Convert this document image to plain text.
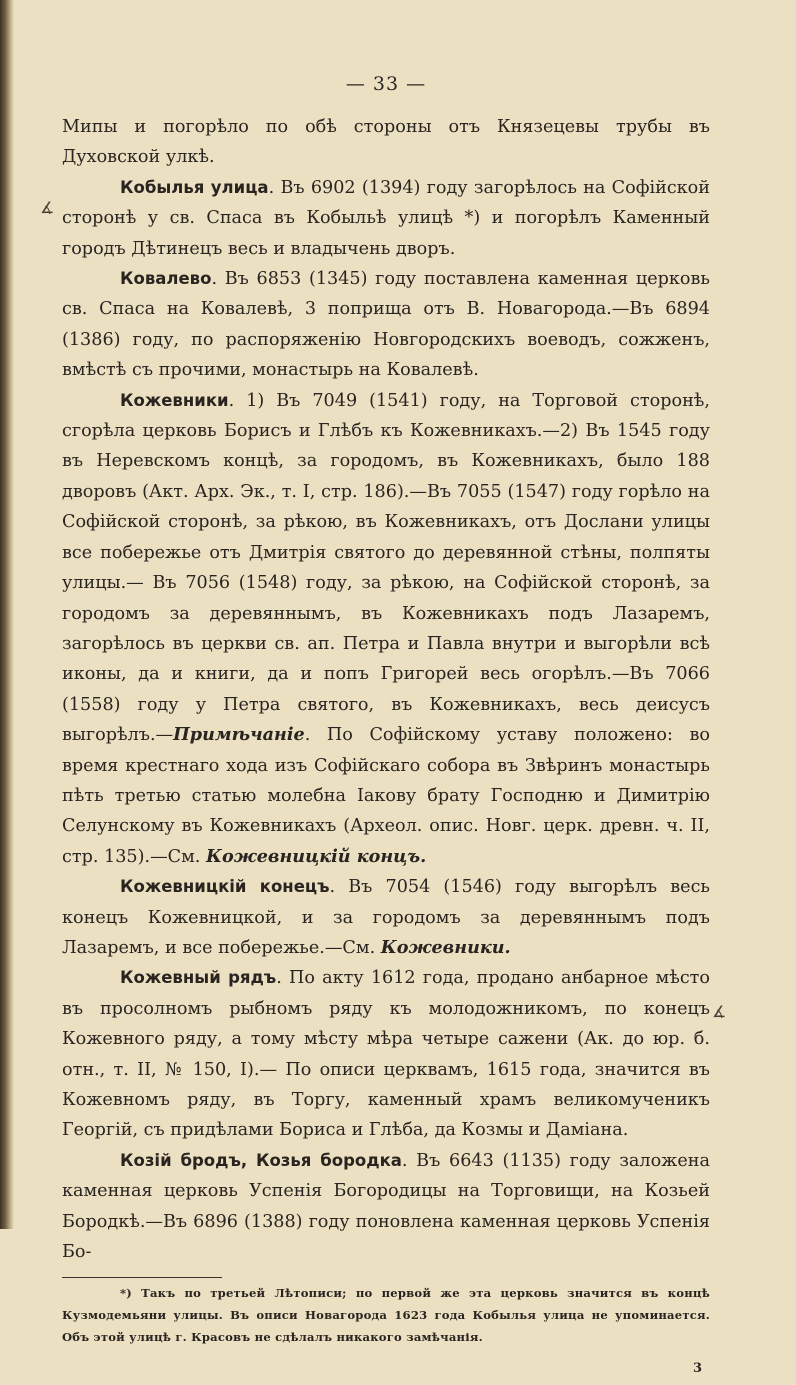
∡
∡
— 33 —

Мипы и погорѣло по обѣ стороны отъ Князецевы трубы въ Духовской улкѣ.

Кобылья улица. Въ 6902 (1394) году загорѣлось на Софійской сторонѣ у св. Спаса въ Кобыльѣ улицѣ *) и погорѣлъ Каменный городъ Дѣтинецъ весь и владычень дворъ.

Ковалево. Въ 6853 (1345) году поставлена каменная церковь св. Спаса на Ковалевѣ, 3 поприща отъ В. Новагорода.—Въ 6894 (1386) году, по распоряженію Новгородскихъ воеводъ, сожженъ, вмѣстѣ съ прочими, монастырь на Ковалевѣ.

Кожевники. 1) Въ 7049 (1541) году, на Торговой сторонѣ, сгорѣла церковь Борисъ и Глѣбъ къ Кожевникахъ.—2) Въ 1545 году въ Неревскомъ концѣ, за городомъ, въ Кожевникахъ, было 188 дворовъ (Акт. Арх. Эк., т. I, стр. 186).—Въ 7055 (1547) году горѣло на Софійской сторонѣ, за рѣкою, въ Кожевникахъ, отъ Дослани улицы все побережье отъ Дмитрія святого до деревянной стѣны, полпяты улицы.— Въ 7056 (1548) году, за рѣкою, на Софійской сторонѣ, за городомъ за деревяннымъ, въ Кожевникахъ подъ Лазаремъ, загорѣлось въ церкви св. ап. Петра и Павла внутри и выгорѣли всѣ иконы, да и книги, да и попъ Григорей весь огорѣлъ.—Въ 7066 (1558) году у Петра святого, въ Кожевникахъ, весь деисусъ выгорѣлъ.—Примѣчаніе. По Софійскому уставу положено: во время крестнаго хода изъ Софійскаго собора въ Звѣринъ монастырь пѣть третью статью молебна Іакову брату Господню и Димитрію Селунскому въ Кожевникахъ (Археол. опис. Новг. церк. древн. ч. II, стр. 135).—См. Кожевницкій концъ.

Кожевницкій конецъ. Въ 7054 (1546) году выгорѣлъ весь конецъ Кожевницкой, и за городомъ за деревяннымъ подъ Лазаремъ, и все побережье.—См. Кожевники.

Кожевный рядъ. По акту 1612 года, продано анбарное мѣсто въ просолномъ рыбномъ ряду къ молодожникомъ, по конецъ Кожевного ряду, а тому мѣсту мѣра четыре сажени (Ак. до юр. б. отн., т. II, № 150, I).— По описи церквамъ, 1615 года, значится въ Кожевномъ ряду, въ Торгу, каменный храмъ великомученикъ Георгій, съ придѣлами Бориса и Глѣба, да Козмы и Даміана.

Козій бродъ, Козья бородка. Въ 6643 (1135) году заложена каменная церковь Успенія Богородицы на Торговищи, на Козьей Бородкѣ.—Въ 6896 (1388) году поновлена каменная церковь Успенія Бо-

*) Такъ по третьей Лѣтописи; по первой же эта церковь значится въ концѣ Кузмодемьяни улицы. Въ описи Новагорода 1623 года Кобылья улица не упоминается. Объ этой улицѣ г. Красовъ не сдѣлалъ никакого замѣчанія.

3
